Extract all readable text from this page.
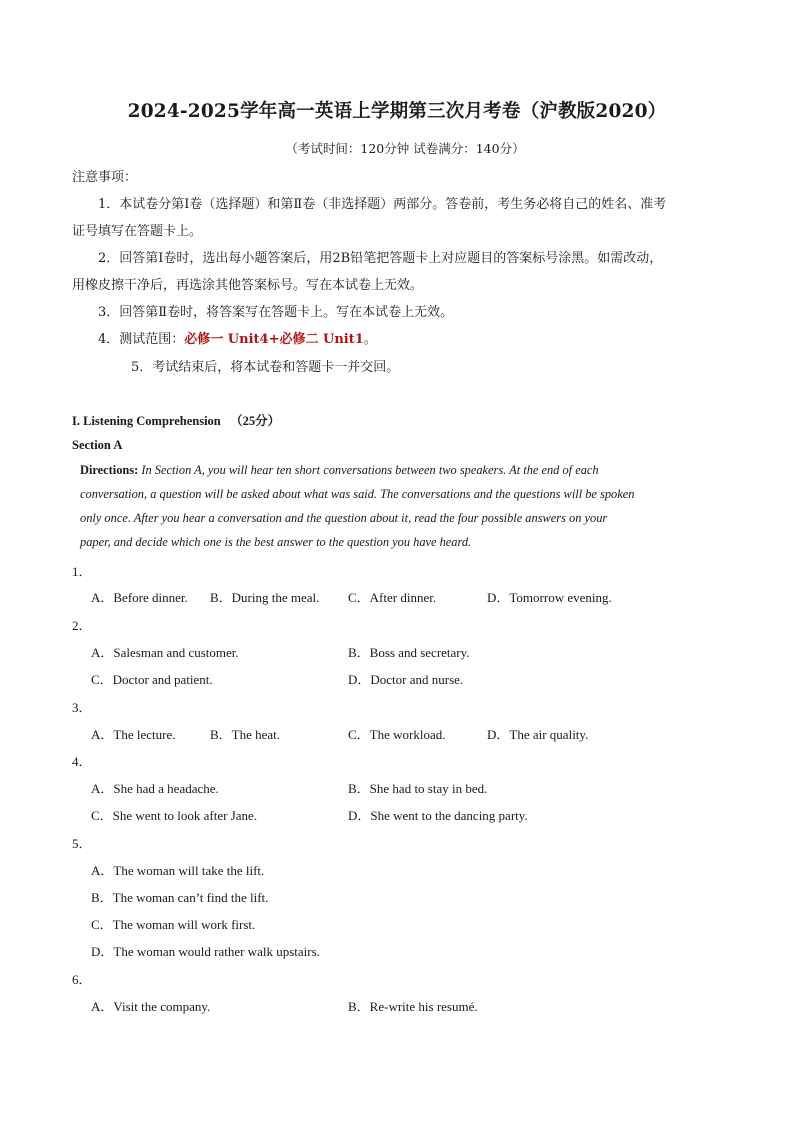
2024-2025学年高一英语上学期第三次月考卷（沪教版2020）
（考试时间：120分钟 试卷满分：140分）
注意事项：
1．本试卷分第Ⅰ卷（选择题）和第Ⅱ卷（非选择题）两部分。答卷前，考生务必将自己的姓名、准考
证号填写在答题卡上。
2．回答第Ⅰ卷时，选出每小题答案后，用2B铅笔把答题卡上对应题目的答案标号涂黑。如需改动，
用橡皮擦干净后，再选涂其他答案标号。写在本试卷上无效。
3．回答第Ⅱ卷时，将答案写在答题卡上。写在本试卷上无效。
4．测试范围：必修一 Unit4+必修二 Unit1。
5．考试结束后，将本试卷和答题卡一并交回。
I. Listening Comprehension （25分）
Section A
Directions: In Section A, you will hear ten short conversations between two speakers. At the end of each
conversation, a question will be asked about what was said. The conversations and the questions will be spoken
only once. After you hear a conversation and the question about it, read the four possible answers on your
paper, and decide which one is the best answer to the question you have heard.
1．
A．Before dinner. B．During the meal. C．After dinner.	D．Tomorrow evening.
2．
A．Salesman and customer.	B．Boss and secretary.
C．Doctor and patient.	D．Doctor and nurse.
3．
A．The lecture.	B．The heat.	C．The workload.	D．The air quality.
4．
A．She had a headache.	B．She had to stay in bed.
C．She went to look after Jane.	D．She went to the dancing party.
5．
A．The woman will take the lift.
B．The woman can’t find the lift.
C．The woman will work first.
D．The woman would rather walk upstairs.
6．
A．Visit the company.	B．Re-write his resumé.
